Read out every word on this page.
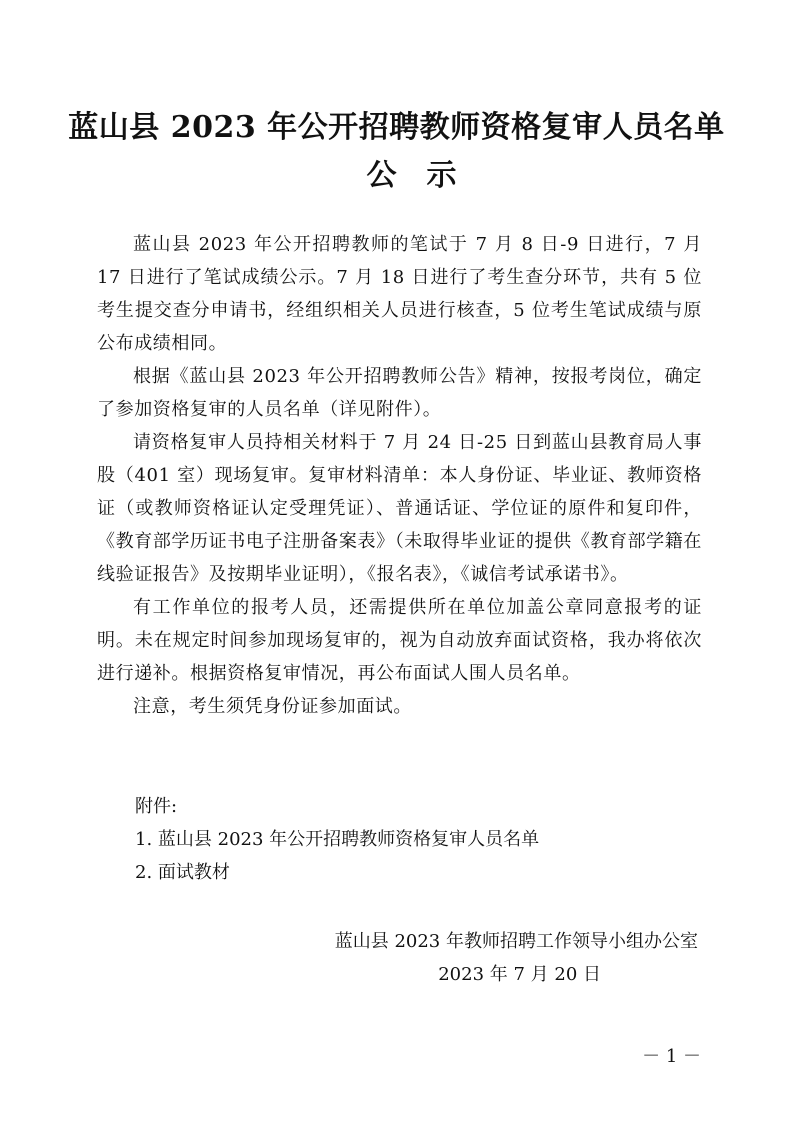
蓝山县 2023 年公开招聘教师资格复审人员名单
公示

蓝山县 2023 年公开招聘教师的笔试于 7 月 8 日-9 日进行，7 月 17 日进行了笔试成绩公示。7 月 18 日进行了考生查分环节，共有 5 位考生提交查分申请书，经组织相关人员进行核查，5 位考生笔试成绩与原公布成绩相同。

根据《蓝山县 2023 年公开招聘教师公告》精神，按报考岗位，确定了参加资格复审的人员名单（详见附件）。

请资格复审人员持相关材料于 7 月 24 日-25 日到蓝山县教育局人事股（401 室）现场复审。复审材料清单：本人身份证、毕业证、教师资格证（或教师资格证认定受理凭证）、普通话证、学位证的原件和复印件，《教育部学历证书电子注册备案表》（未取得毕业证的提供《教育部学籍在线验证报告》及按期毕业证明），《报名表》，《诚信考试承诺书》。

有工作单位的报考人员，还需提供所在单位加盖公章同意报考的证明。未在规定时间参加现场复审的，视为自动放弃面试资格，我办将依次进行递补。根据资格复审情况，再公布面试人围人员名单。

注意，考生须凭身份证参加面试。

附件:
1. 蓝山县 2023 年公开招聘教师资格复审人员名单
2. 面试教材
蓝山县 2023 年教师招聘工作领导小组办公室
2023 年 7 月 20 日
－ 1 －
